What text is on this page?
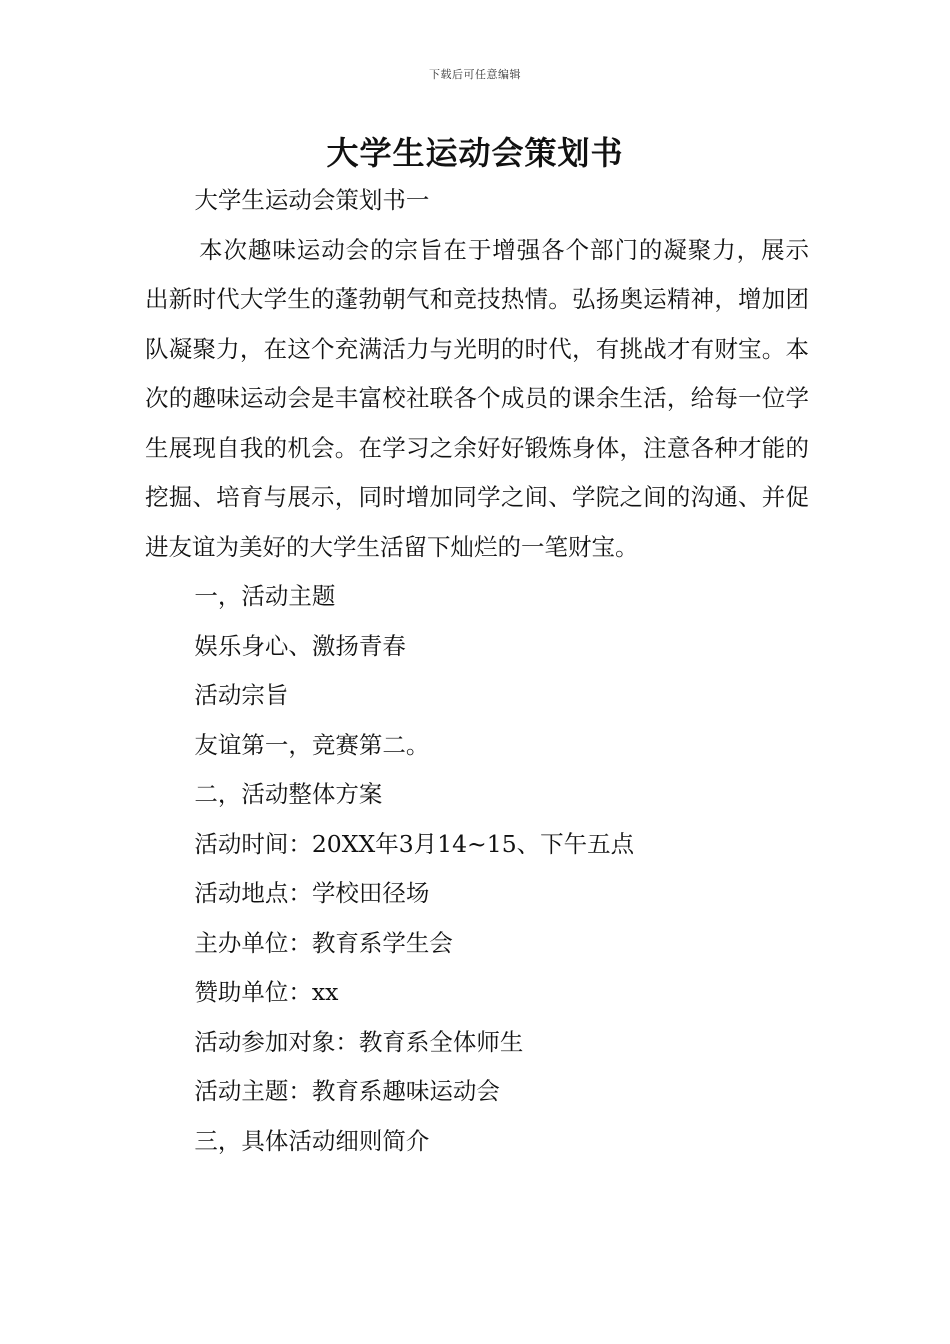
下载后可任意编辑
大学生运动会策划书

大学生运动会策划书一

本次趣味运动会的宗旨在于增强各个部门的凝聚力，展示出新时代大学生的蓬勃朝气和竞技热情。弘扬奥运精神，增加团队凝聚力，在这个充满活力与光明的时代，有挑战才有财宝。本次的趣味运动会是丰富校社联各个成员的课余生活，给每一位学生展现自我的机会。在学习之余好好锻炼身体，注意各种才能的挖掘、培育与展示，同时增加同学之间、学院之间的沟通、并促进友谊为美好的大学生活留下灿烂的一笔财宝。

一，活动主题

娱乐身心、激扬青春

活动宗旨

友谊第一，竞赛第二。

二，活动整体方案

活动时间：20XX年3月14~15、下午五点

活动地点：学校田径场

主办单位：教育系学生会

赞助单位：xx

活动参加对象：教育系全体师生

活动主题：教育系趣味运动会

三，具体活动细则简介
